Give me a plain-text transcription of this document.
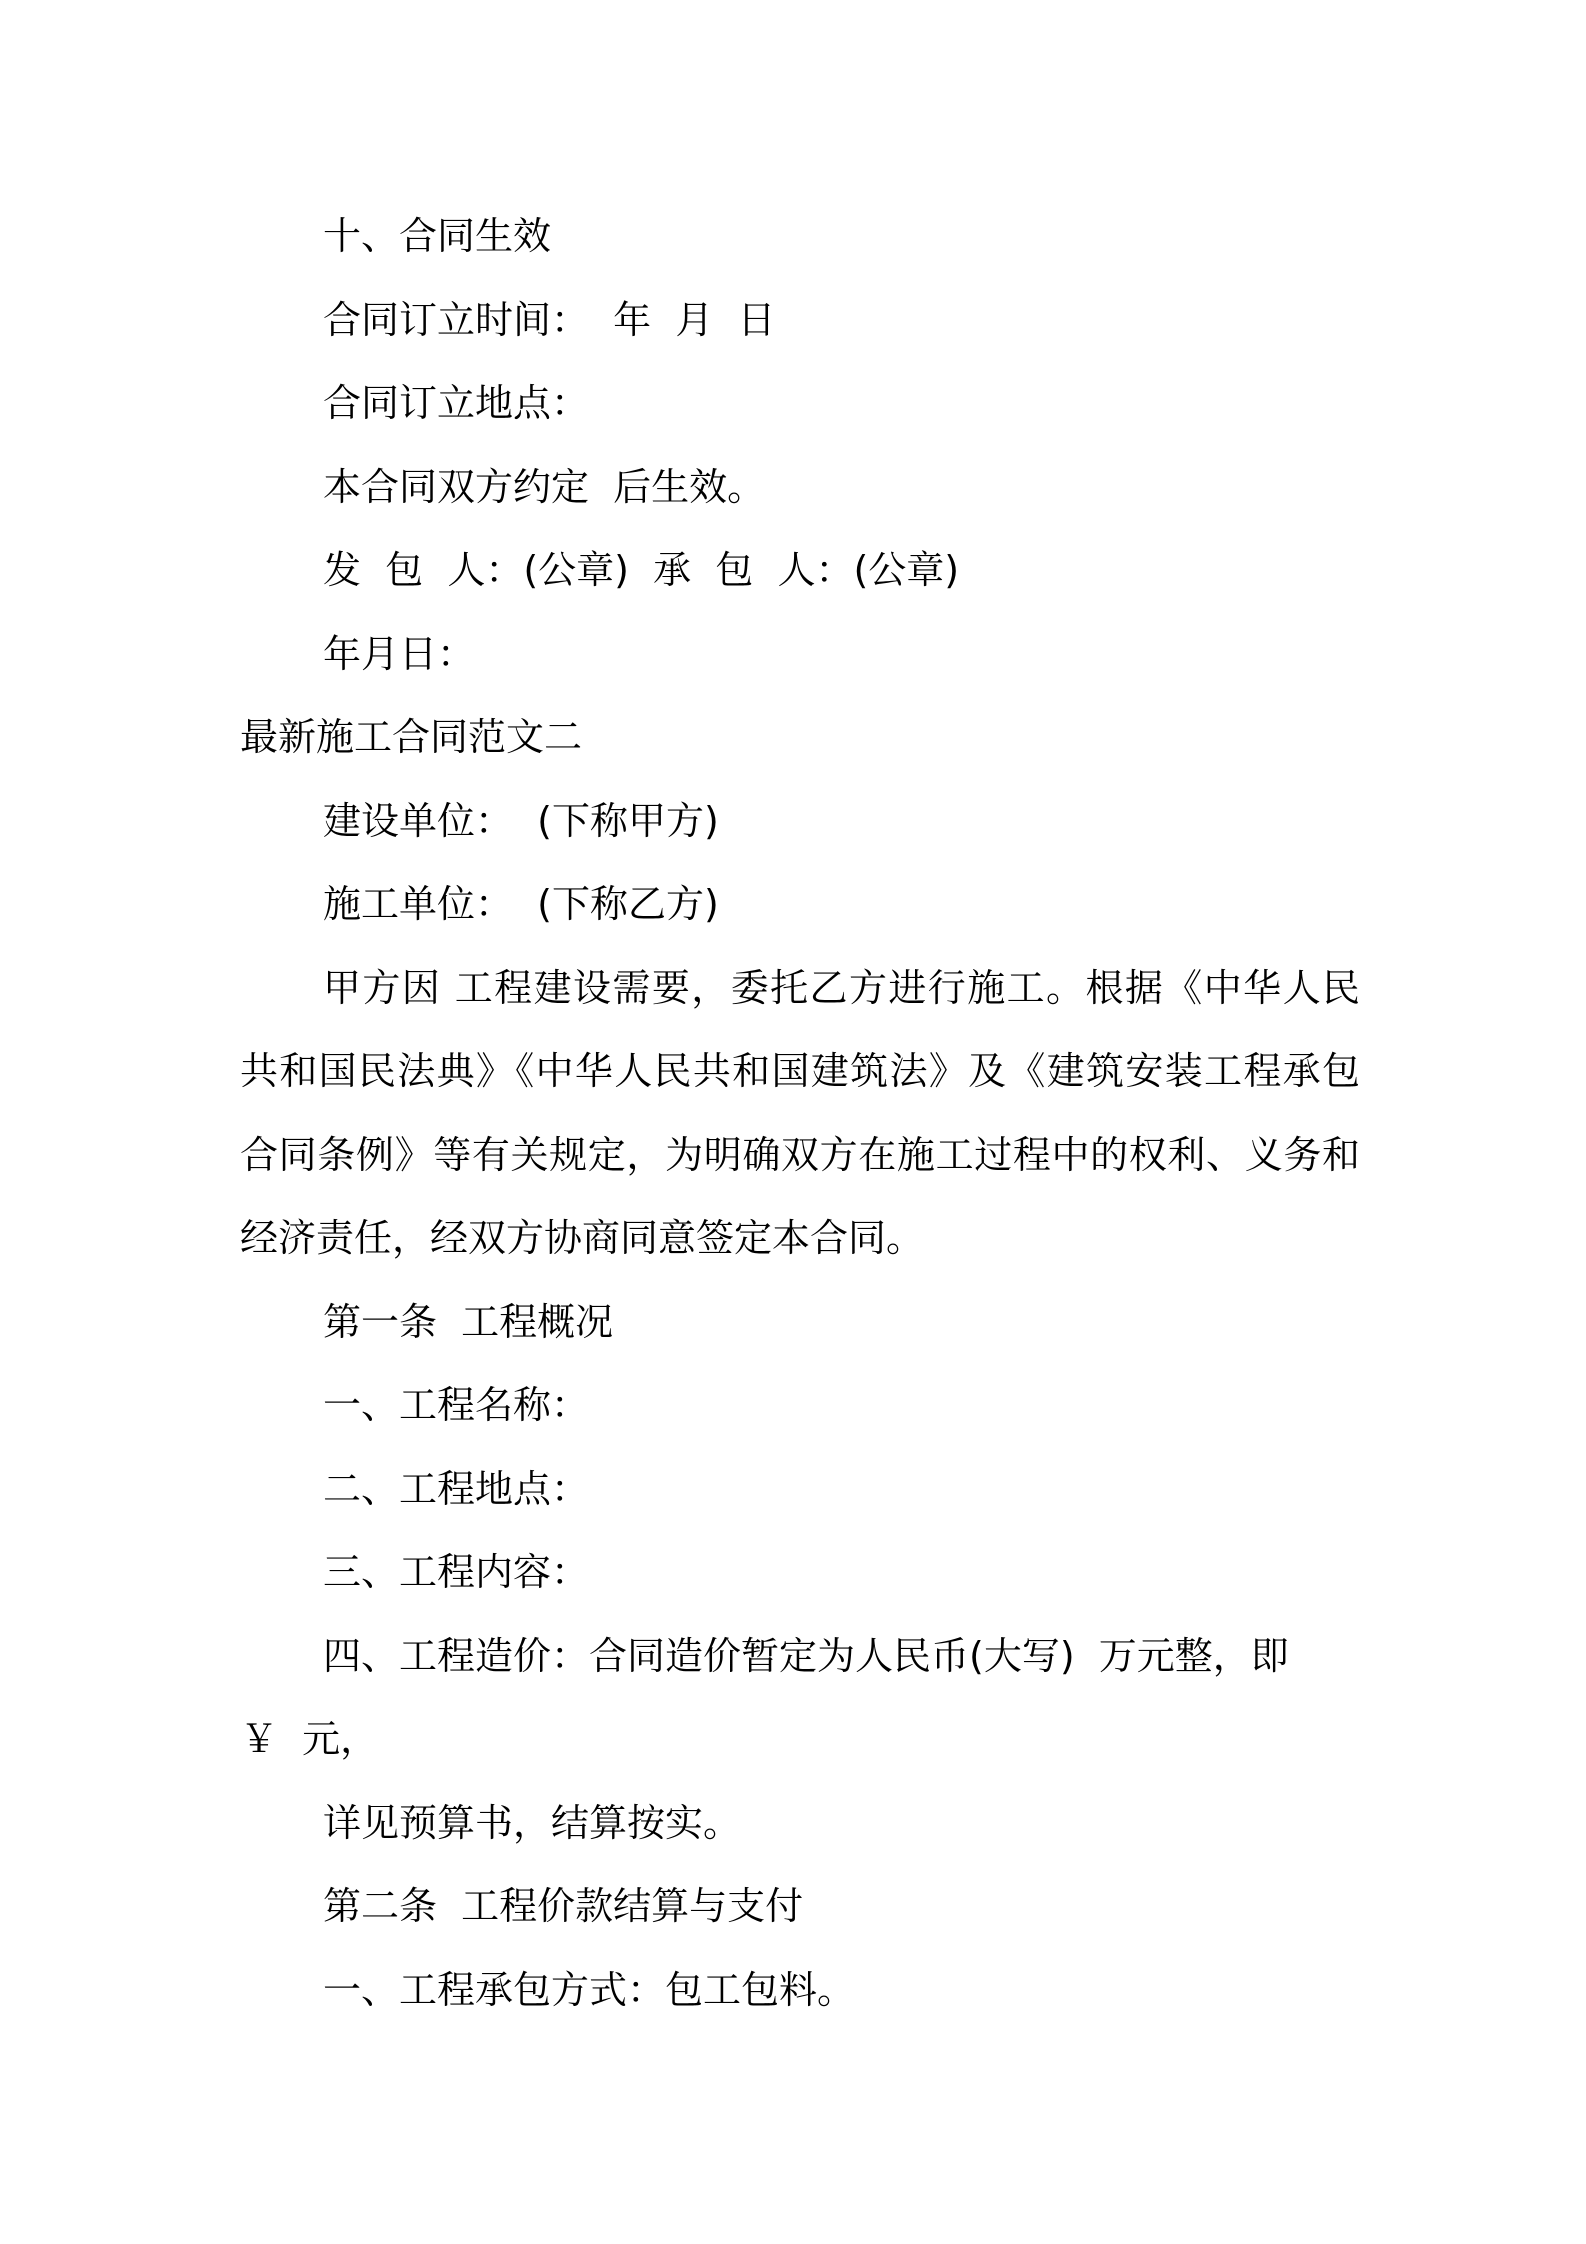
十、合同生效

合同订立时间：  年  月  日

合同订立地点：

本合同双方约定  后生效。

发  包  人：(公章)  承  包  人：(公章)

年月日：

最新施工合同范文二

建设单位：  (下称甲方)

施工单位：  (下称乙方)

甲方因 工程建设需要，委托乙方进行施工。根据《中华人民共和国民法典》《中华人民共和国建筑法》及《建筑安装工程承包合同条例》等有关规定，为明确双方在施工过程中的权利、义务和经济责任，经双方协商同意签定本合同。

第一条  工程概况

一、工程名称：

二、工程地点：

三、工程内容：

四、工程造价：合同造价暂定为人民币(大写)  万元整，即

￥  元，

详见预算书，结算按实。

第二条  工程价款结算与支付

一、工程承包方式：包工包料。
